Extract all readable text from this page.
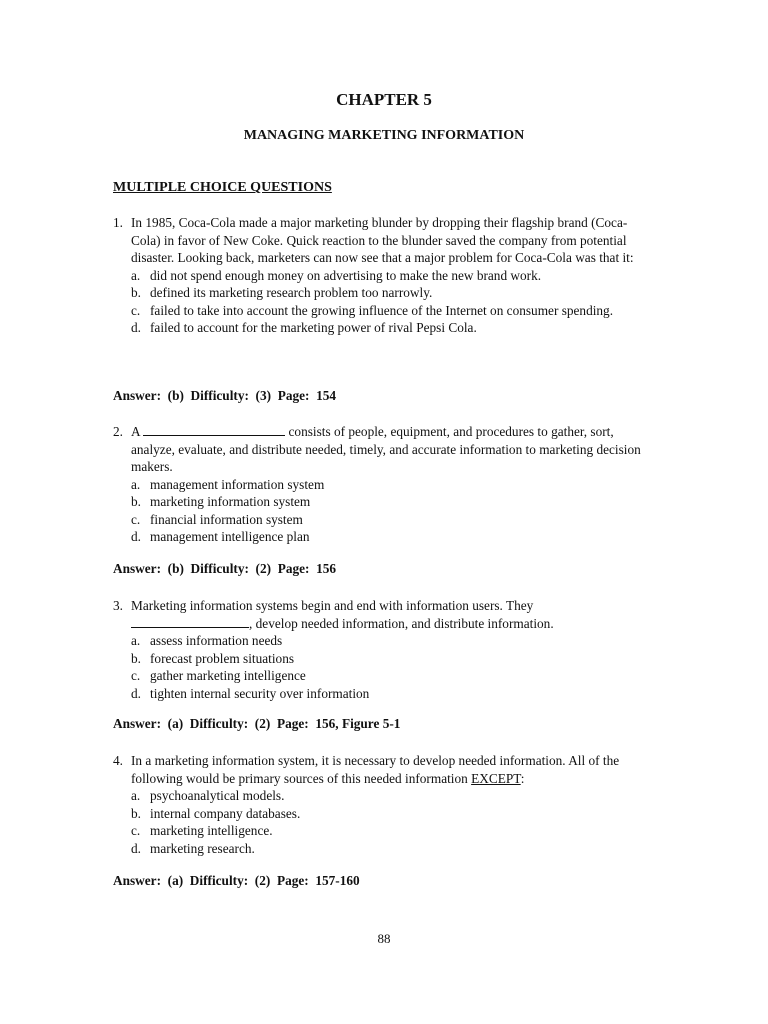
CHAPTER 5
MANAGING MARKETING INFORMATION
MULTIPLE CHOICE QUESTIONS
1. In 1985, Coca-Cola made a major marketing blunder by dropping their flagship brand (Coca-Cola) in favor of New Coke. Quick reaction to the blunder saved the company from potential disaster. Looking back, marketers can now see that a major problem for Coca-Cola was that it:
a. did not spend enough money on advertising to make the new brand work.
b. defined its marketing research problem too narrowly.
c. failed to take into account the growing influence of the Internet on consumer spending.
d. failed to account for the marketing power of rival Pepsi Cola.

Answer:  (b)  Difficulty:  (3)  Page:  154

2. A	consists of people, equipment, and procedures to gather, sort, analyze, evaluate, and distribute needed, timely, and accurate information to marketing decision makers.
a. management information system
b. marketing information system
c. financial information system
d. management intelligence plan

Answer:  (b)  Difficulty:  (2)  Page:  156

3. Marketing information systems begin and end with information users. They , develop needed information, and distribute information.
a. assess information needs
b. forecast problem situations
c. gather marketing intelligence
d. tighten internal security over information

Answer:  (a)  Difficulty:  (2)  Page:  156, Figure 5-1

4. In a marketing information system, it is necessary to develop needed information. All of the following would be primary sources of this needed information EXCEPT:
a. psychoanalytical models.
b. internal company databases.
c. marketing intelligence.
d. marketing research.

Answer:  (a)  Difficulty:  (2)  Page:  157-160

88
